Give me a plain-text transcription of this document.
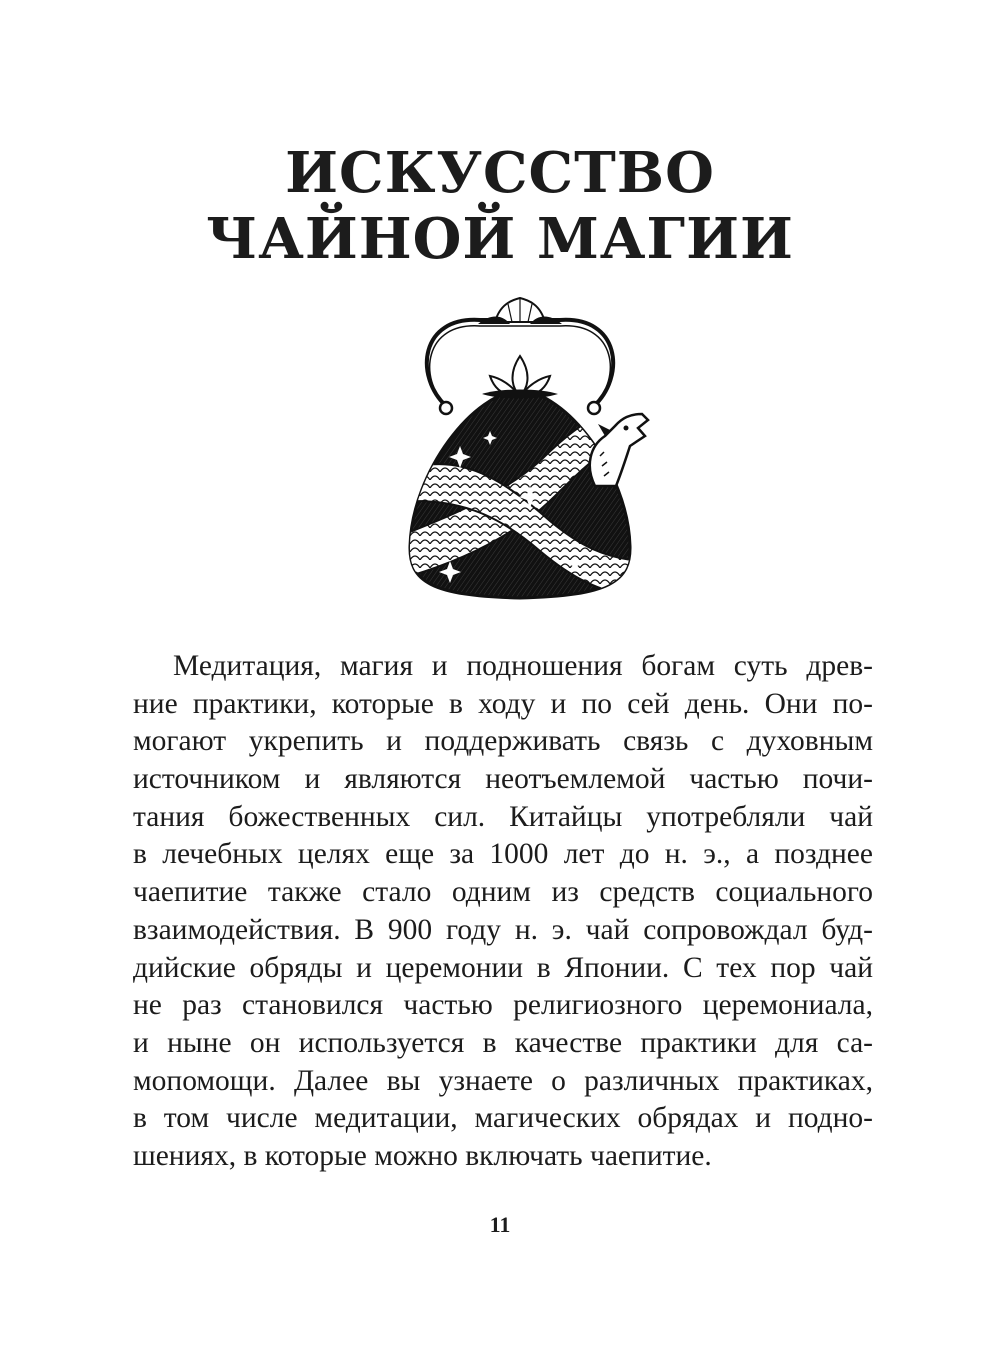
ИСКУССТВО
ЧАЙНОЙ МАГИИ
Медитация, магия и подношения богам суть древ-
ние практики, которые в ходу и по сей день. Они по-
могают укрепить и поддерживать связь с духовным
источником и являются неотъемлемой частью почи-
тания божественных сил. Китайцы употребляли чай
в лечебных целях еще за 1000 лет до н. э., а позднее
чаепитие также стало одним из средств социального
взаимодействия. В 900 году н. э. чай сопровождал буд-
дийские обряды и церемонии в Японии. С тех пор чай
не раз становился частью религиозного церемониала,
и ныне он используется в качестве практики для са-
мопомощи. Далее вы узнаете о различных практиках,
в том числе медитации, магических обрядах и подно-
шениях, в которые можно включать чаепитие.
11
